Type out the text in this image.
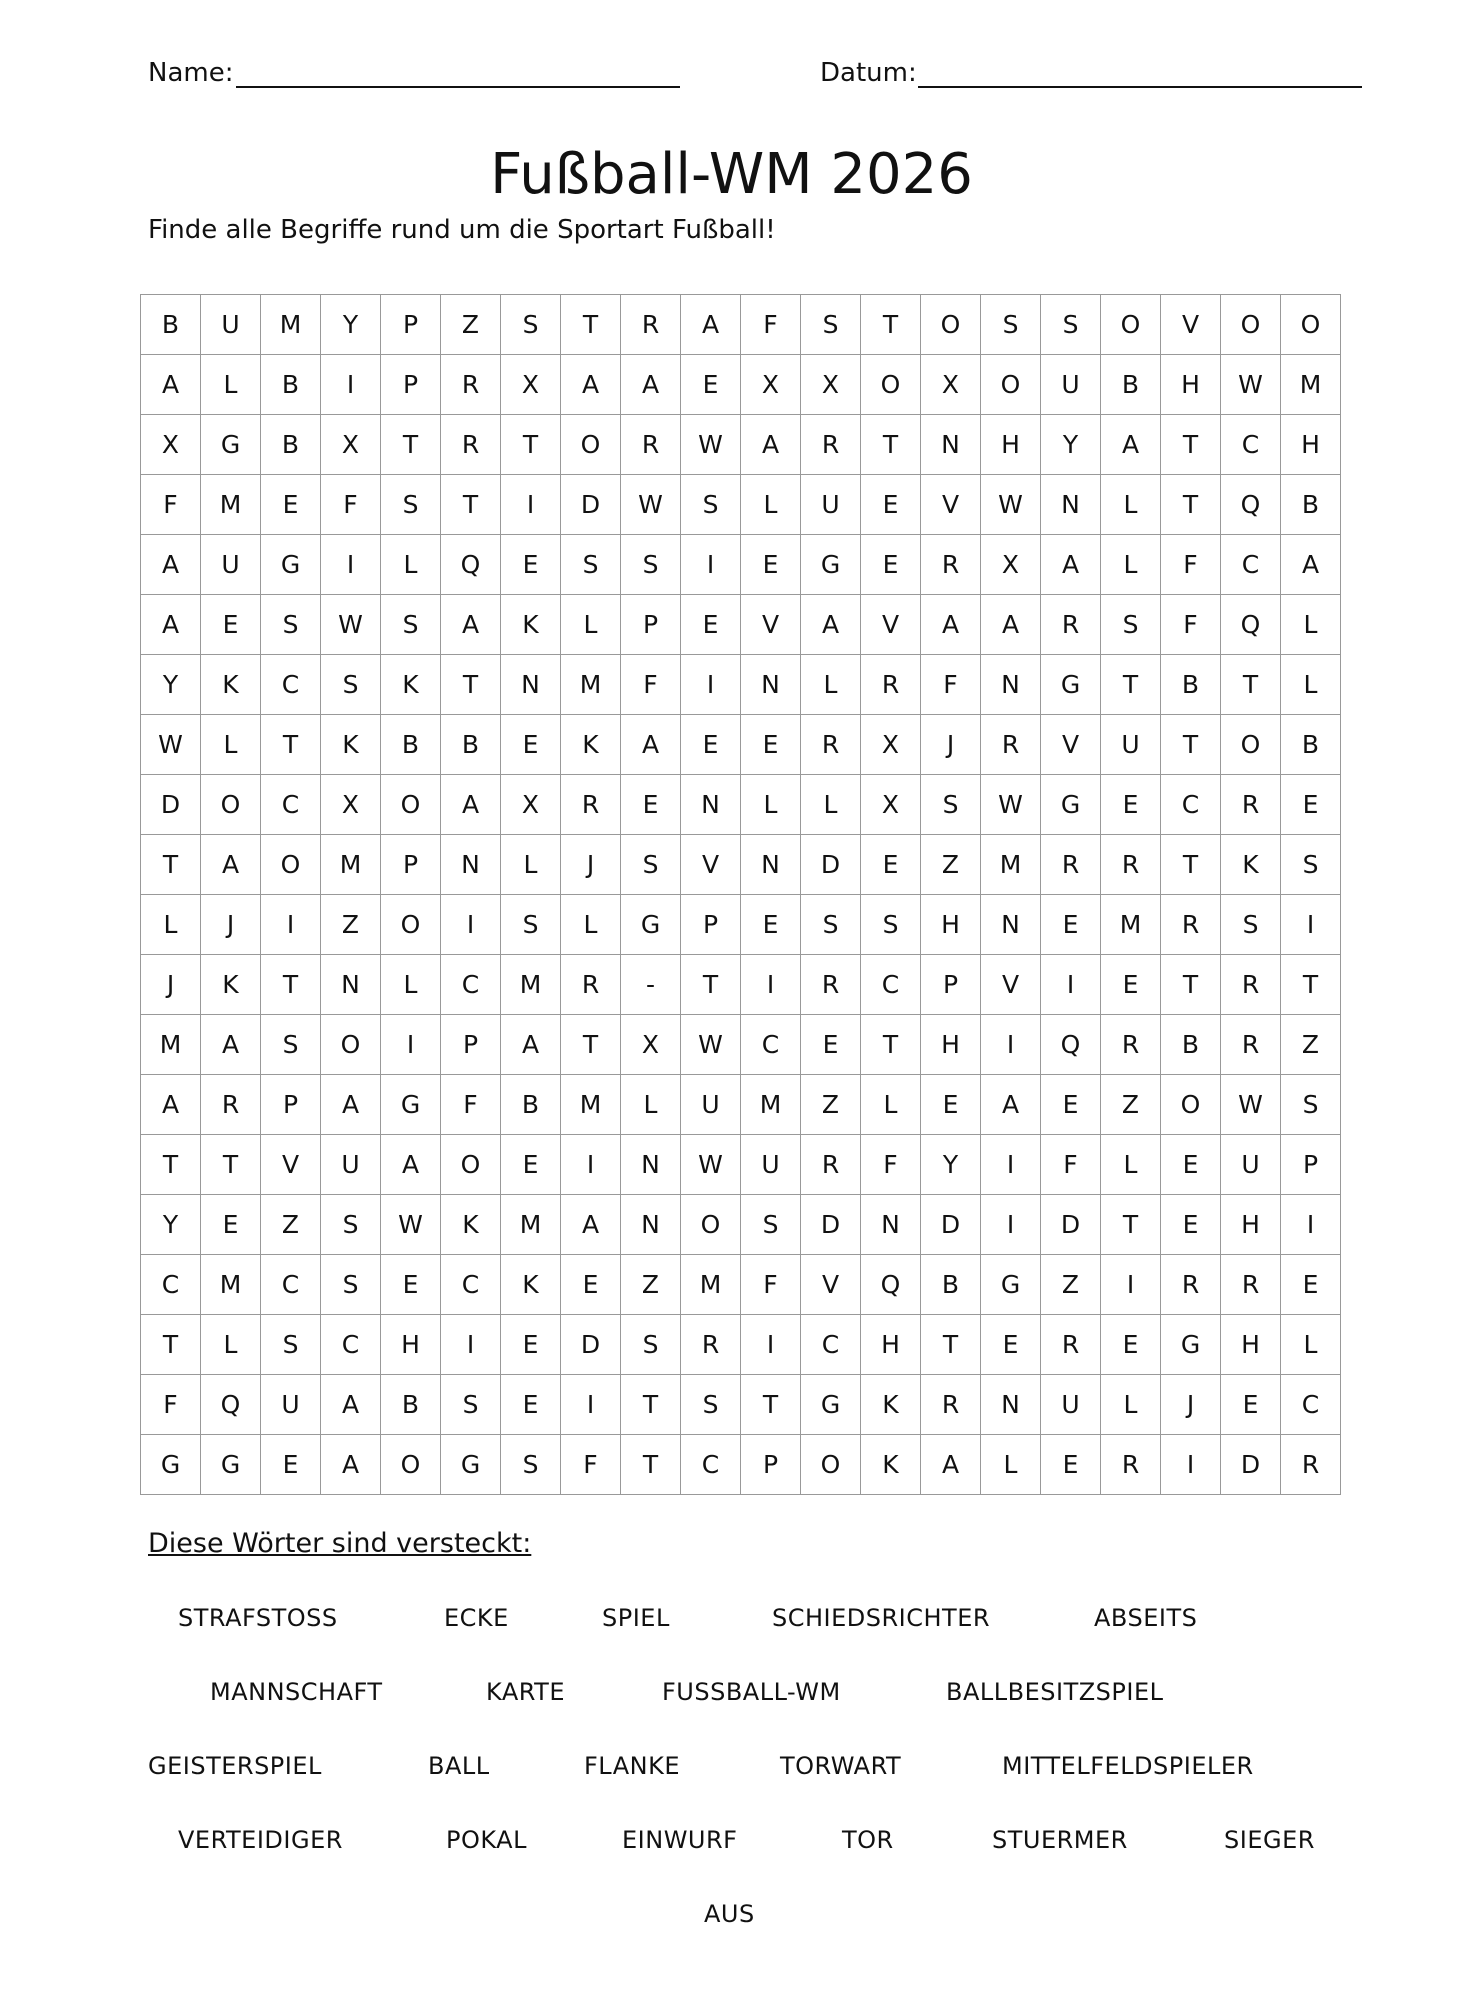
Name:	Datum:
Fußball-WM 2026
Finde alle Begriffe rund um die Sportart Fußball!
B	U	M	Y	P	Z	S	T	R	A	F	S	T	O	S	S	O	V	O	O
A	L	B	I	P	R	X	A	A	E	X	X	O	X	O	U	B	H	W	M
X	G	B	X	T	R	T	O	R	W	A	R	T	N	H	Y	A	T	C	H
F	M	E	F	S	T	I	D	W	S	L	U	E	V	W	N	L	T	Q	B
A	U	G	I	L	Q	E	S	S	I	E	G	E	R	X	A	L	F	C	A
A	E	S	W	S	A	K	L	P	E	V	A	V	A	A	R	S	F	Q	L
Y	K	C	S	K	T	N	M	F	I	N	L	R	F	N	G	T	B	T	L
W	L	T	K	B	B	E	K	A	E	E	R	X	J	R	V	U	T	O	B
D	O	C	X	O	A	X	R	E	N	L	L	X	S	W	G	E	C	R	E
T	A	O	M	P	N	L	J	S	V	N	D	E	Z	M	R	R	T	K	S
L	J	I	Z	O	I	S	L	G	P	E	S	S	H	N	E	M	R	S	I
J	K	T	N	L	C	M	R	-	T	I	R	C	P	V	I	E	T	R	T
M	A	S	O	I	P	A	T	X	W	C	E	T	H	I	Q	R	B	R	Z
A	R	P	A	G	F	B	M	L	U	M	Z	L	E	A	E	Z	O	W	S
T	T	V	U	A	O	E	I	N	W	U	R	F	Y	I	F	L	E	U	P
Y	E	Z	S	W	K	M	A	N	O	S	D	N	D	I	D	T	E	H	I
C	M	C	S	E	C	K	E	Z	M	F	V	Q	B	G	Z	I	R	R	E
T	L	S	C	H	I	E	D	S	R	I	C	H	T	E	R	E	G	H	L
F	Q	U	A	B	S	E	I	T	S	T	G	K	R	N	U	L	J	E	C
G	G	E	A	O	G	S	F	T	C	P	O	K	A	L	E	R	I	D	R
Diese Wörter sind versteckt:
STRAFSTOSS	ECKE	SPIEL	SCHIEDSRICHTER	ABSEITS
MANNSCHAFT	KARTE	FUSSBALL-WM	BALLBESITZSPIEL
GEISTERSPIEL	BALL	FLANKE	TORWART	MITTELFELDSPIELER
VERTEIDIGER	POKAL	EINWURF	TOR	STUERMER	SIEGER
AUS
